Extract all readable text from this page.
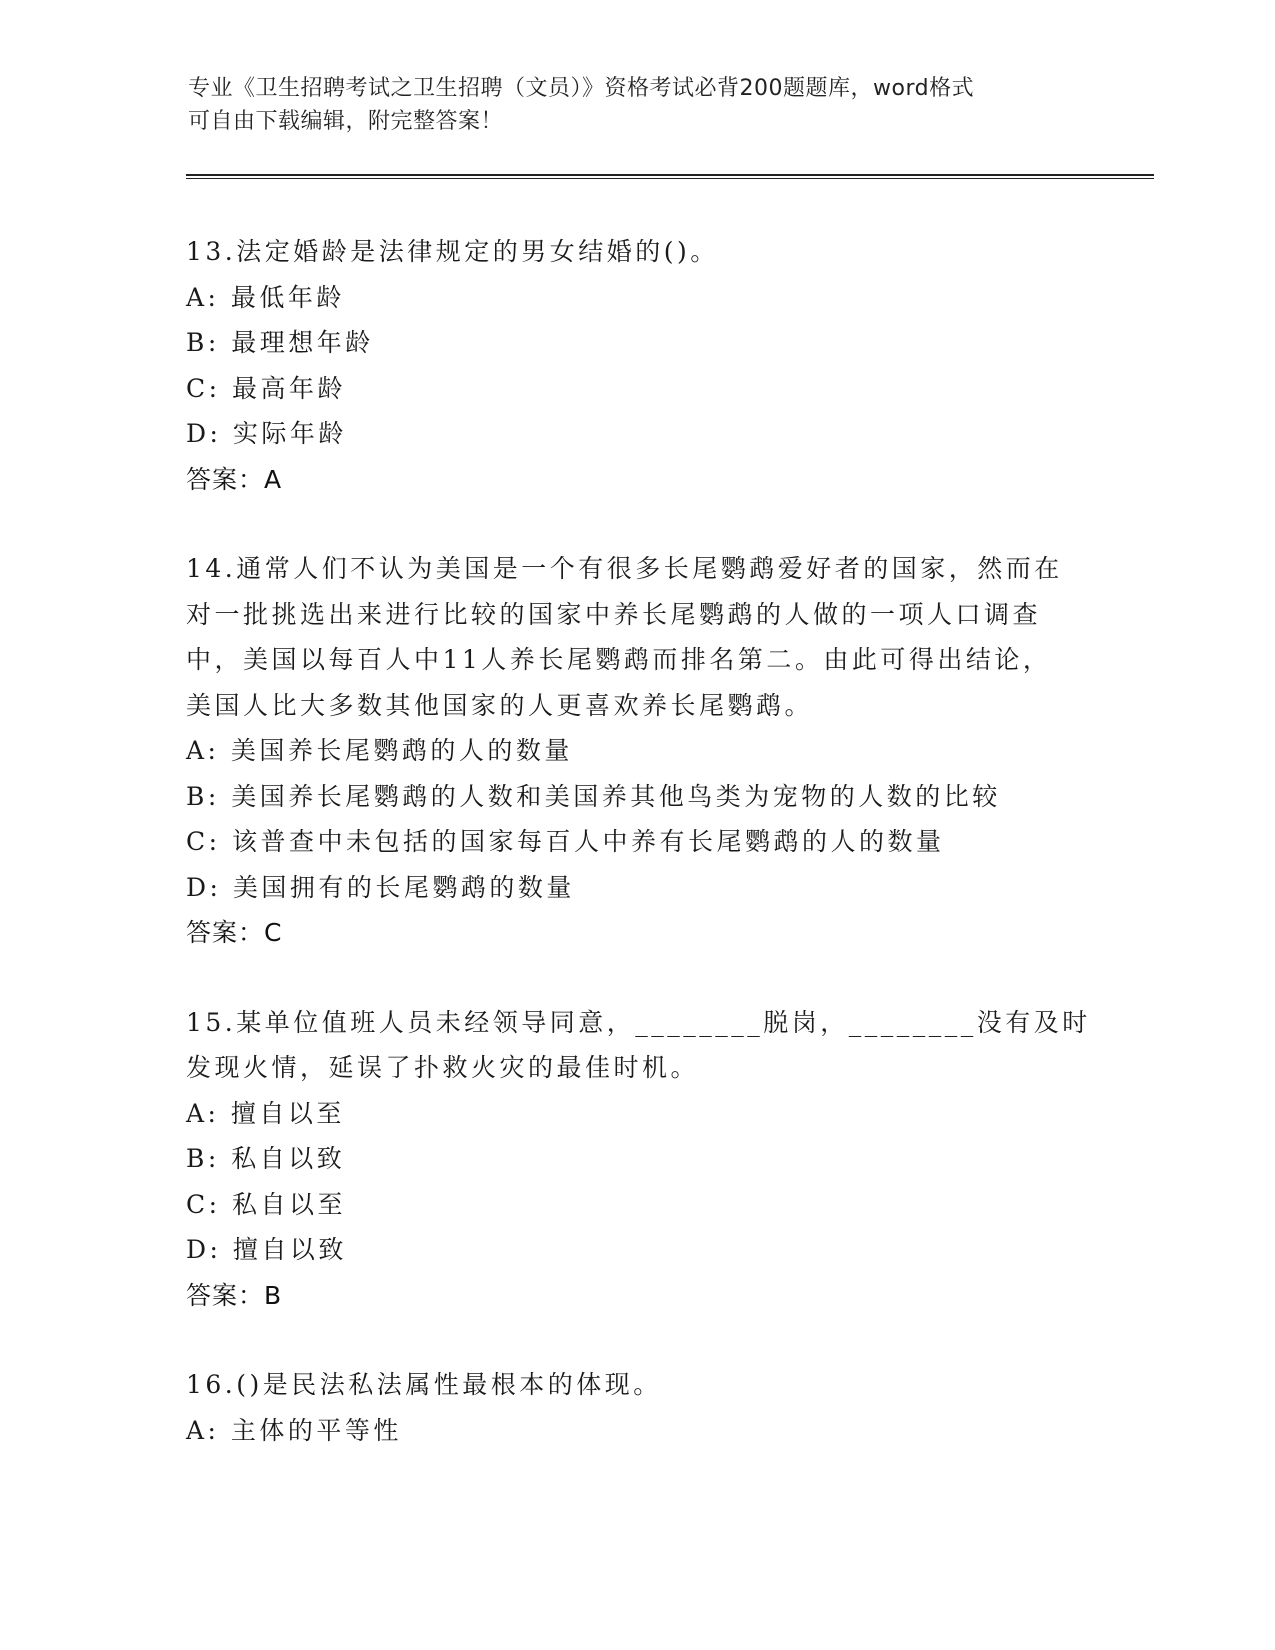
专业《卫生招聘考试之卫生招聘（文员）》资格考试必背200题题库，word格式
可自由下载编辑，附完整答案！
13.法定婚龄是法律规定的男女结婚的()。
A: 最低年龄
B: 最理想年龄
C: 最高年龄
D: 实际年龄
答案：A
14.通常人们不认为美国是一个有很多长尾鹦鹉爱好者的国家，然而在
对一批挑选出来进行比较的国家中养长尾鹦鹉的人做的一项人口调查
中，美国以每百人中11人养长尾鹦鹉而排名第二。由此可得出结论，
美国人比大多数其他国家的人更喜欢养长尾鹦鹉。
A: 美国养长尾鹦鹉的人的数量
B: 美国养长尾鹦鹉的人数和美国养其他鸟类为宠物的人数的比较
C: 该普查中未包括的国家每百人中养有长尾鹦鹉的人的数量
D: 美国拥有的长尾鹦鹉的数量
答案：C
15.某单位值班人员未经领导同意，________脱岗，________没有及时
发现火情，延误了扑救火灾的最佳时机。
A: 擅自以至
B: 私自以致
C: 私自以至
D: 擅自以致
答案：B
16.()是民法私法属性最根本的体现。
A: 主体的平等性
